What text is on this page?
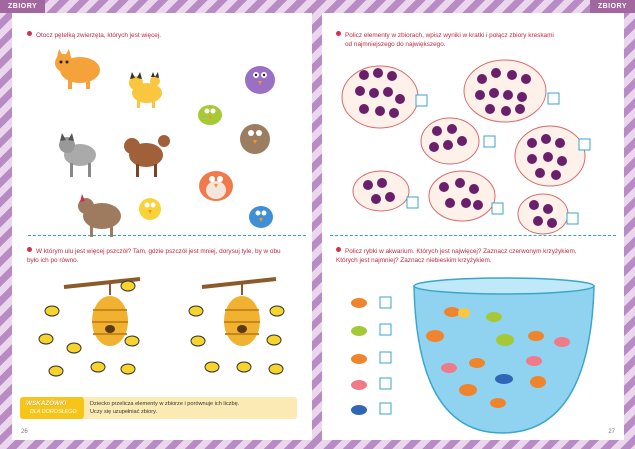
ZBIORY	ZBIORY
Otocz pętelką zwierzęta, których jest więcej.
W którym ulu jest więcej pszczół? Tam, gdzie pszczół jest mniej, dorysuj tyle, by w obu
było ich po równo.
WSKAZÓWKI
DLA DOROSŁEGO
Dziecko przelicza elementy w zbiorze i porównuje ich liczbę.
Uczy się uzupełniać zbiory.
26
Policz elementy w zbiorach, wpisz wyniki w kratki i połącz zbiory kreskami
od najmniejszego do największego.
Policz rybki w akwarium. Których jest najwięcej? Zaznacz czerwonym krzyżykiem.
Których jest najmniej? Zaznacz niebieskim krzyżykiem.
27
